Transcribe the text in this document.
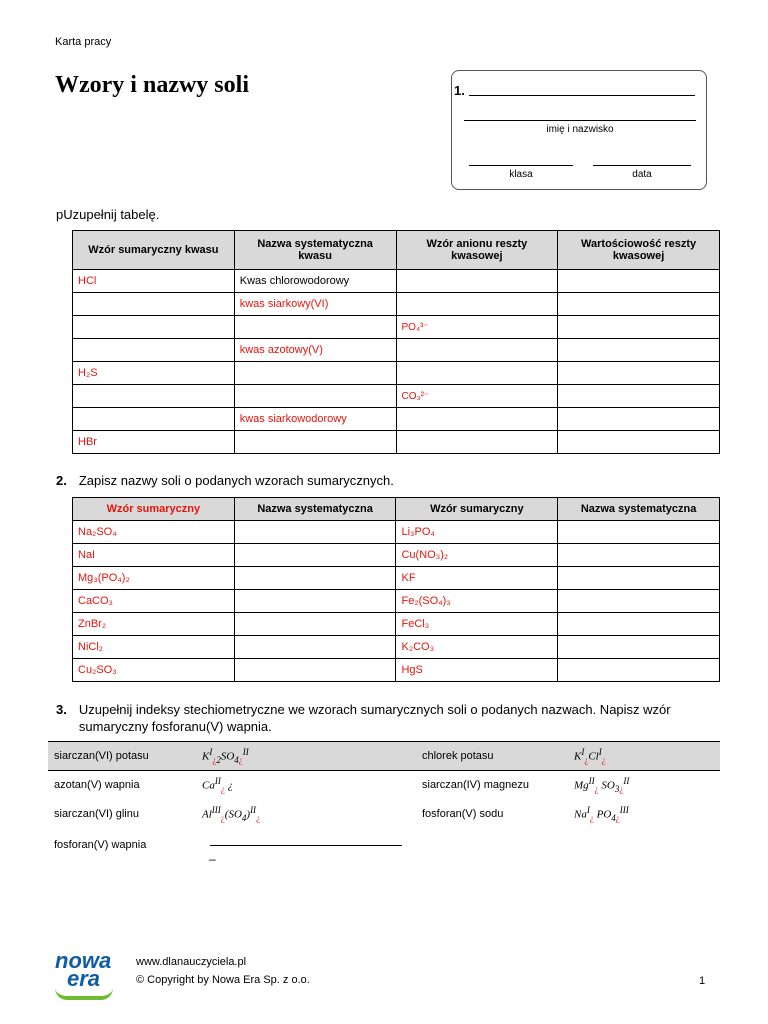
Karta pracy
Wzory i nazwy soli	1.
imię i nazwisko
klasa	data
pUzupełnij tabelę.
Wzór sumaryczny kwasu	Nazwa systematyczna kwasu	Wzór anionu reszty kwasowej	Wartościowość reszty kwasowej
HCl	Kwas chlorowodorowy		
	kwas siarkowy(VI)		
		PO₄³⁻	
	kwas azotowy(V)		
H₂S			
		CO₃²⁻	
	kwas siarkowodorowy		
HBr			
2. Zapisz nazwy soli o podanych wzorach sumarycznych.
Wzór sumaryczny	Nazwa systematyczna	Wzór sumaryczny	Nazwa systematyczna
Na₂SO₄		Li₃PO₄	
NaI		Cu(NO₃)₂	
Mg₃(PO₄)₂		KF	
CaCO₃		Fe₂(SO₄)₃	
ZnBr₂		FeCl₃	
NiCl₂		K₂CO₃	
Cu₂SO₃		HgS	
3. Uzupełnij indeksy stechiometryczne we wzorach sumarycznych soli o podanych nazwach. Napisz wzór sumaryczny fosforanu(V) wapnia.
siarczan(VI) potasu	$K^I_{¿2}SO_{4¿}^{II}$	chlorek potasu	$K^I_¿Cl^I_¿$
azotan(V) wapnia	$Ca^{II}_¿$ ¿	siarczan(IV) magnezu	$Mg^{II}_¿$ $SO_{3¿}^{II}$
siarczan(VI) glinu	$Al^{III}_¿(SO_4)^{II}_¿$	fosforan(V) sodu	$Na^I_¿$ $PO_{4¿}^{III}$
fosforan(V) wapnia
–
nowa
era
www.dlanauczyciela.pl
© Copyright by Nowa Era Sp. z o.o.	1
